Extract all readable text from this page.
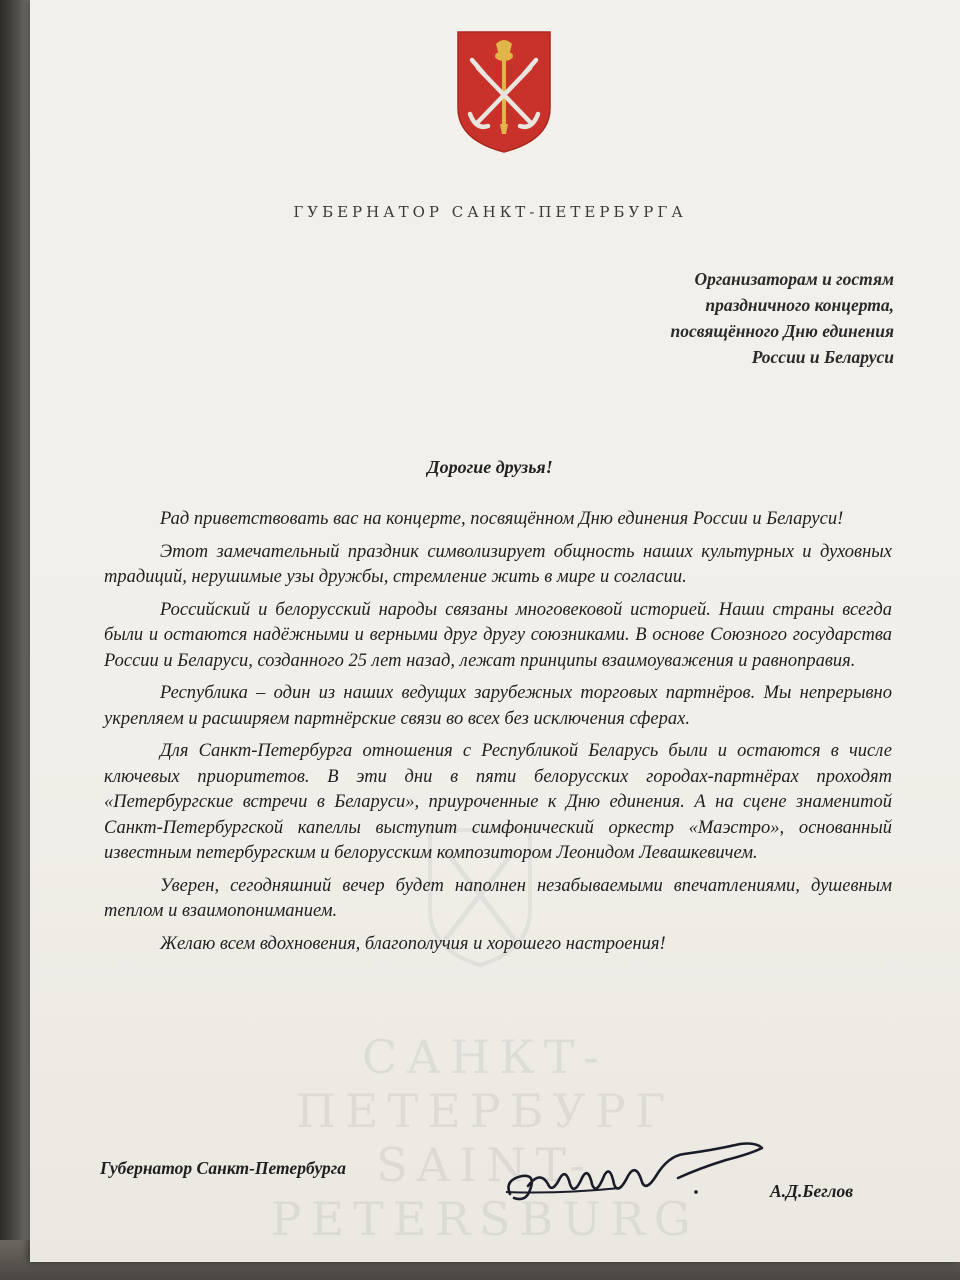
ГУБЕРНАТОР САНКТ-ПЕТЕРБУРГА
Организаторам и гостям
праздничного концерта,
посвящённого Дню единения
России и Беларуси
Дорогие друзья!

Рад приветствовать вас на концерте, посвящённом Дню единения России и Беларуси!

Этот замечательный праздник символизирует общность наших культурных и духовных традиций, нерушимые узы дружбы, стремление жить в мире и согласии.

Российский и белорусский народы связаны многовековой историей. Наши страны всегда были и остаются надёжными и верными друг другу союзниками. В основе Союзного государства России и Беларуси, созданного 25 лет назад, лежат принципы взаимоуважения и равноправия.

Республика – один из наших ведущих зарубежных торговых партнёров. Мы непрерывно укрепляем и расширяем партнёрские связи во всех без исключения сферах.

Для Санкт-Петербурга отношения с Республикой Беларусь были и остаются в числе ключевых приоритетов. В эти дни в пяти белорусских городах-партнёрах проходят «Петербургские встречи в Беларуси», приуроченные к Дню единения. А на сцене знаменитой Санкт-Петербургской капеллы выступит симфонический оркестр «Маэстро», основанный известным петербургским и белорусским композитором Леонидом Левашкевичем.

Уверен, сегодняшний вечер будет наполнен незабываемыми впечатлениями, душевным теплом и взаимопониманием.

Желаю всем вдохновения, благополучия и хорошего настроения!

Губернатор Санкт-Петербурга
А.Д.Беглов
